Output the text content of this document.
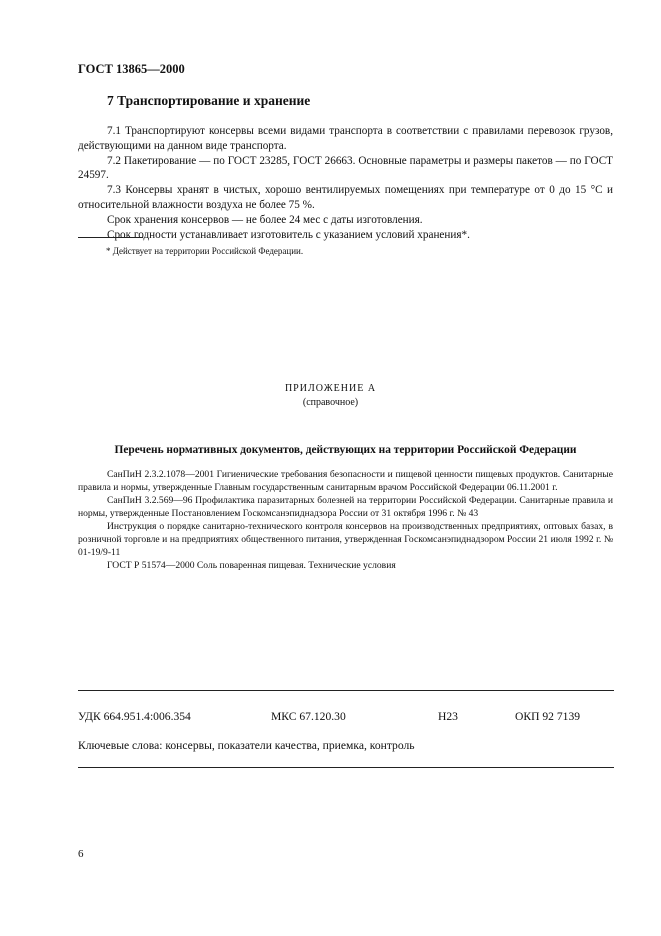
ГОСТ 13865—2000
7 Транспортирование и хранение

7.1 Транспортируют консервы всеми видами транспорта в соответствии с правилами перевозок грузов, действующими на данном виде транспорта.

7.2 Пакетирование — по ГОСТ 23285, ГОСТ 26663. Основные параметры и размеры пакетов — по ГОСТ 24597.

7.3 Консервы хранят в чистых, хорошо вентилируемых помещениях при температуре от 0 до 15 °С и относительной влажности воздуха не более 75 %.

Срок хранения консервов — не более 24 мес с даты изготовления.

Срок годности устанавливает изготовитель с указанием условий хранения*.

* Действует на территории Российской Федерации.
ПРИЛОЖЕНИЕ А
(справочное)
Перечень нормативных документов, действующих на территории Российской Федерации

СанПиН 2.3.2.1078—2001 Гигиенические требования безопасности и пищевой ценности пищевых продуктов. Санитарные правила и нормы, утвержденные Главным государственным санитарным врачом Российской Федерации 06.11.2001 г.

СанПиН 3.2.569—96 Профилактика паразитарных болезней на территории Российской Федерации. Санитарные правила и нормы, утвержденные Постановлением Госкомсанэпиднадзора России от 31 октября 1996 г. № 43

Инструкция о порядке санитарно-технического контроля консервов на производственных предприятиях, оптовых базах, в розничной торговле и на предприятиях общественного питания, утвержденная Госкомсанэпиднадзором России 21 июля 1992 г. № 01-19/9-11

ГОСТ Р 51574—2000 Соль поваренная пищевая. Технические условия

УДК 664.951.4:006.354	МКС 67.120.30	Н23	ОКП 92 7139
Ключевые слова: консервы, показатели качества, приемка, контроль
6
